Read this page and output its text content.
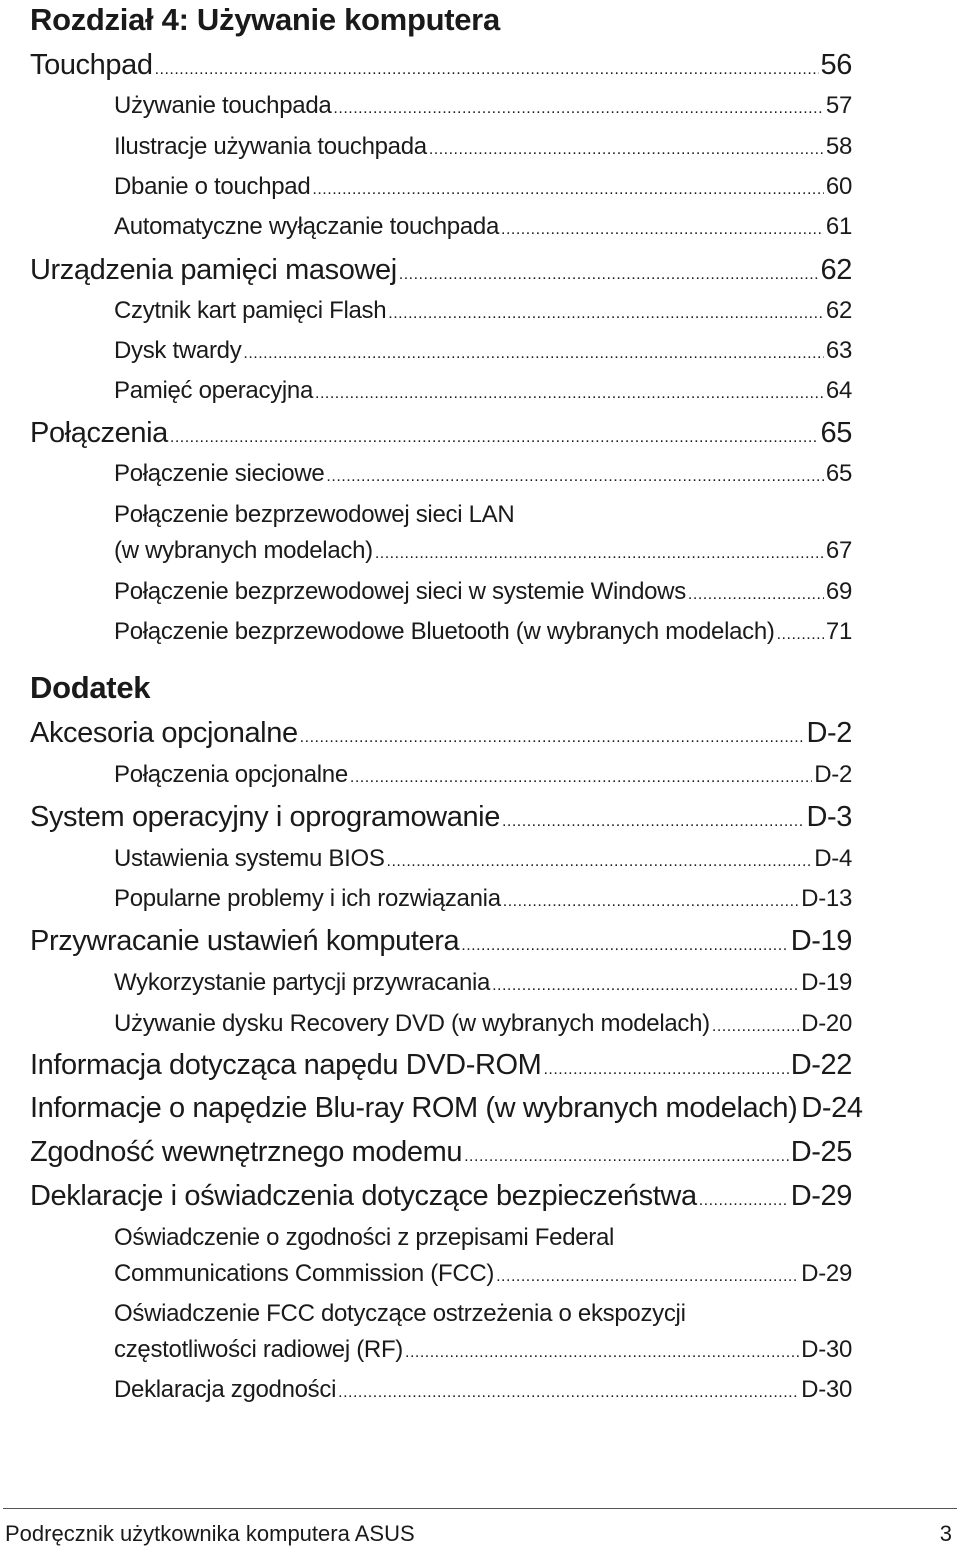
Rozdział 4: Używanie komputera
Touchpad .....	56
Używanie touchpada .....	57
Ilustracje używania touchpada .....	58
Dbanie o touchpad .....	60
Automatyczne wyłączanie touchpada .....	61
Urządzenia pamięci masowej .....	62
Czytnik kart pamięci Flash .....	62
Dysk twardy .....	63
Pamięć operacyjna .....	64
Połączenia .....	65
Połączenie sieciowe .....	65
Połączenie bezprzewodowej sieci LAN
(w wybranych modelach) .....	67
Połączenie bezprzewodowej sieci w systemie Windows .....	69
Połączenie bezprzewodowe Bluetooth (w wybranych modelach) ..... 71
Dodatek
Akcesoria opcjonalne .....	D-2
Połączenia opcjonalne .....	D-2
System operacyjny i oprogramowanie .....	D-3
Ustawienia systemu BIOS .....	D-4
Popularne problemy i ich rozwiązania .....	D-13
Przywracanie ustawień komputera .....	D-19
Wykorzystanie partycji przywracania .....	D-19
Używanie dysku Recovery DVD (w wybranych modelach) .....	D-20
Informacja dotycząca napędu DVD-ROM .....	D-22
Informacje o napędzie Blu-ray ROM (w wybranych modelach) D-24
Zgodność wewnętrznego modemu .....	D-25
Deklaracje i oświadczenia dotyczące bezpieczeństwa .....	D-29
Oświadczenie o zgodności z przepisami Federal
Communications Commission (FCC) .....	D-29
Oświadczenie FCC dotyczące ostrzeżenia o ekspozycji
częstotliwości radiowej (RF) .....	D-30
Deklaracja zgodności .....	D-30
Podręcznik użytkownika komputera ASUS	3
